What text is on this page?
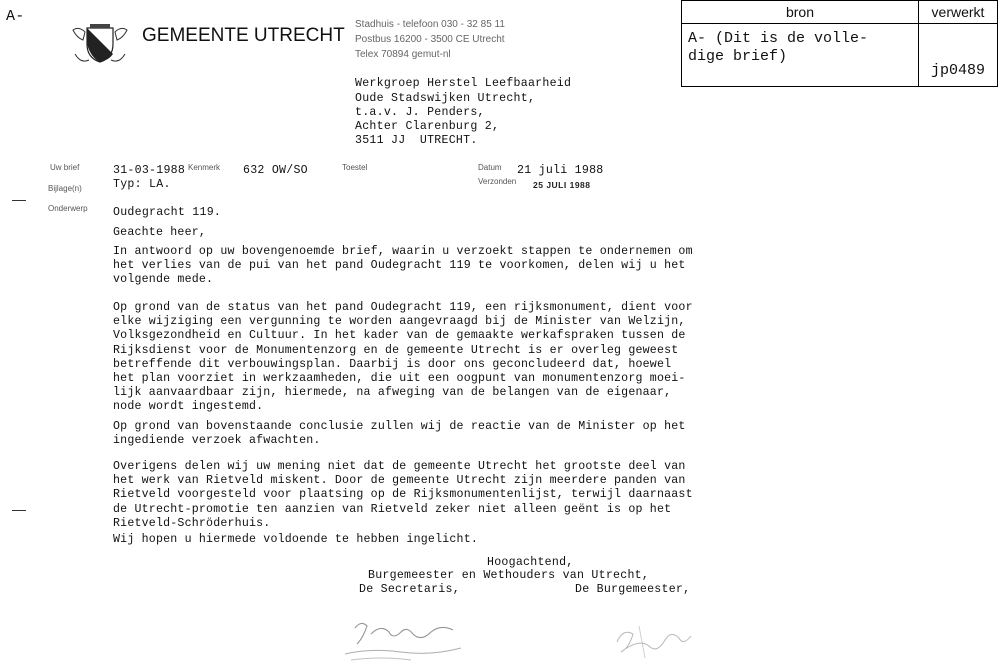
A-	bron	verwerkt
A- (Dit is de volle-
dige brief)	jp0489

GEMEENTE UTRECHT
Stadhuis - telefoon 030 - 32 85 11
Postbus 16200 - 3500 CE Utrecht
Telex 70894 gemut-nl
Werkgroep Herstel Leefbaarheid
Oude Stadswijken Utrecht,
t.a.v. J. Penders,
Achter Clarenburg 2,
3511 JJ  UTRECHT.
Uw brief	31-03-1988 Kenmerk 632 OW/SO	Toestel	Datum 21 juli 1988
Typ: LA.	Verzonden 25 JULI 1988
Bijlage(n)
Onderwerp Oudegracht 119.
Geachte heer,
In antwoord op uw bovengenoemde brief, waarin u verzoekt stappen te ondernemen om
het verlies van de pui van het pand Oudegracht 119 te voorkomen, delen wij u het
volgende mede.
Op grond van de status van het pand Oudegracht 119, een rijksmonument, dient voor
elke wijziging een vergunning te worden aangevraagd bij de Minister van Welzijn,
Volksgezondheid en Cultuur. In het kader van de gemaakte werkafspraken tussen de
Rijksdienst voor de Monumentenzorg en de gemeente Utrecht is er overleg geweest
betreffende dit verbouwingsplan. Daarbij is door ons geconcludeerd dat, hoewel
het plan voorziet in werkzaamheden, die uit een oogpunt van monumentenzorg moei-
lijk aanvaardbaar zijn, hiermede, na afweging van de belangen van de eigenaar,
node wordt ingestemd.
Op grond van bovenstaande conclusie zullen wij de reactie van de Minister op het
ingediende verzoek afwachten.
Overigens delen wij uw mening niet dat de gemeente Utrecht het grootste deel van
het werk van Rietveld miskent. Door de gemeente Utrecht zijn meerdere panden van
Rietveld voorgesteld voor plaatsing op de Rijksmonumentenlijst, terwijl daarnaast
de Utrecht-promotie ten aanzien van Rietveld zeker niet alleen geënt is op het
Rietveld-Schröderhuis.
Wij hopen u hiermede voldoende te hebben ingelicht.
Hoogachtend,
Burgemeester en Wethouders van Utrecht,
De Secretaris,	De Burgemeester,
